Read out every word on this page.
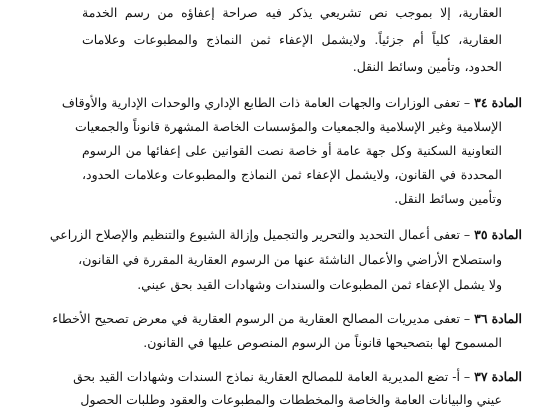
العقارية، إلا بموجب نص تشريعي يذكر فيه صراحة إعفاؤه من رسم الخدمة
العقارية، كلياً أم جزئياً. ولايشمل الإعفاء ثمن النماذج والمطبوعات وعلامات
الحدود، وتأمين وسائط النقل.
المادة ٣٤ – تعفى الوزارات والجهات العامة ذات الطابع الإداري والوحدات الإدارية والأوقاف
الإسلامية وغير الإسلامية والجمعيات والمؤسسات الخاصة المشهرة قانوناً والجمعيات
التعاونية السكنية وكل جهة عامة أو خاصة نصت القوانين على إعفائها من الرسوم
المحددة في القانون، ولايشمل الإعفاء ثمن النماذج والمطبوعات وعلامات الحدود،
وتأمين وسائط النقل.
المادة ٣٥ – تعفى أعمال التحديد والتحرير والتجميل وإزالة الشيوع والتنظيم والإصلاح الزراعي
واستصلاح الأراضي والأعمال الناشئة عنها من الرسوم العقارية المقررة في القانون،
ولا يشمل الإعفاء ثمن المطبوعات والسندات وشهادات القيد بحق عيني.
المادة ٣٦ – تعفى مديريات المصالح العقارية من الرسوم العقارية في معرض تصحيح الأخطاء
المسموح لها بتصحيحها قانوناً من الرسوم المنصوص عليها في القانون.
المادة ٣٧ – أ- تضع المديرية العامة للمصالح العقارية نماذج السندات وشهادات القيد بحق
عيني والبيانات العامة والخاصة والمخططات والمطبوعات والعقود وطلبات الحصول
